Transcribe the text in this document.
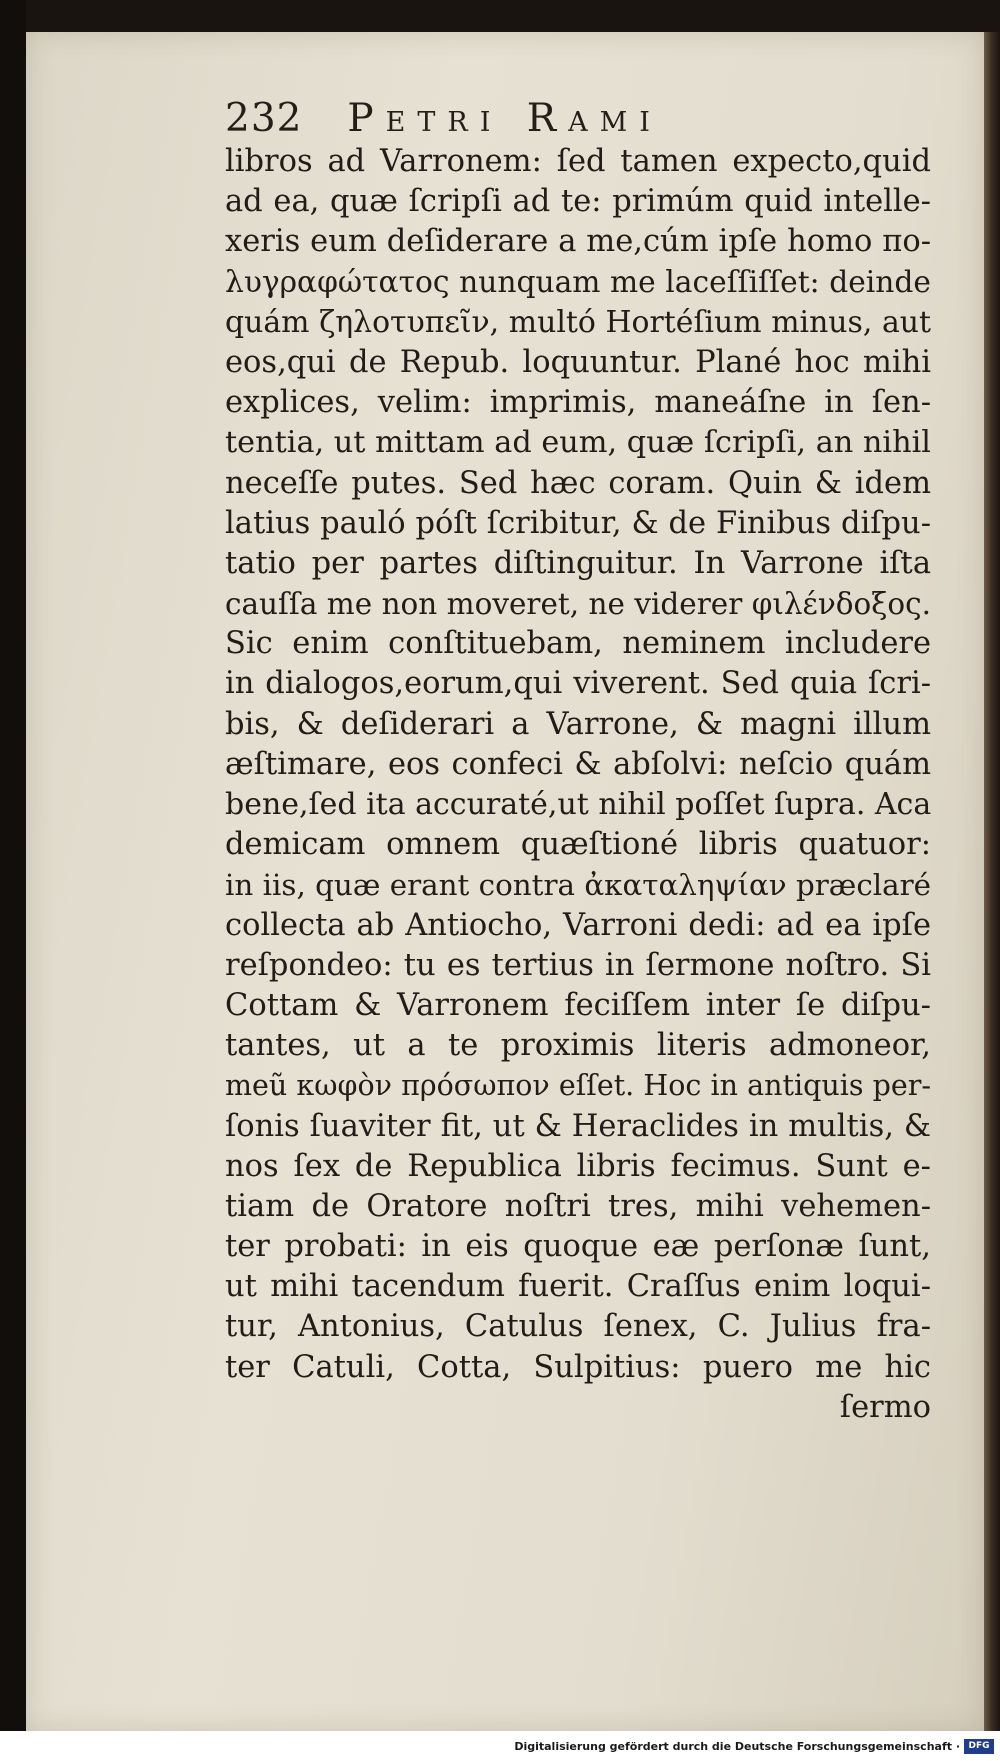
232 Petri Rami
libros ad Varronem: ſed tamen expecto,quid
ad ea, quæ ſcripſi ad te: primúm quid intelle-
xeris eum deſiderare a me,cúm ipſe homo πο-
λυγραφώτατος nunquam me laceſſiſſet: deinde
quám ζηλοτυπεῖν, multó Hortéſium minus, aut
eos,qui de Repub. loquuntur. Plané hoc mihi
explices, velim: imprimis, maneáſne in ſen-
tentia, ut mittam ad eum, quæ ſcripſi, an nihil
neceſſe putes. Sed hæc coram. Quin & idem
latius pauló póſt ſcribitur, & de Finibus diſpu-
tatio per partes diſtinguitur. In Varrone iſta
cauſſa me non moveret, ne viderer φιλένδοξος.
Sic enim conſtituebam, neminem includere
in dialogos,eorum,qui viverent. Sed quia ſcri-
bis, & deſiderari a Varrone, & magni illum
æſtimare, eos confeci & abſolvi: neſcio quám
bene,ſed ita accuraté,ut nihil poſſet ſupra. Aca
demicam omnem quæſtioné libris quatuor:
in iis, quæ erant contra ἀκαταληψίαν præclaré
collecta ab Antiocho, Varroni dedi: ad ea ipſe
reſpondeo: tu es tertius in ſermone noſtro. Si
Cottam & Varronem feciſſem inter ſe diſpu-
tantes, ut a te proximis literis admoneor,
meũ κωφὸν πρόσωπον eſſet. Hoc in antiquis per-
ſonis ſuaviter fit, ut & Heraclides in multis, &
nos ſex de Republica libris fecimus. Sunt e-
tiam de Oratore noſtri tres, mihi vehemen-
ter probati: in eis quoque eæ perſonæ ſunt,
ut mihi tacendum fuerit. Craſſus enim loqui-
tur, Antonius, Catulus ſenex, C. Julius fra-
ter Catuli, Cotta, Sulpitius: puero me hic
ſermo
Digitalisierung gefördert durch die Deutsche Forschungsgemeinschaft · DFG
